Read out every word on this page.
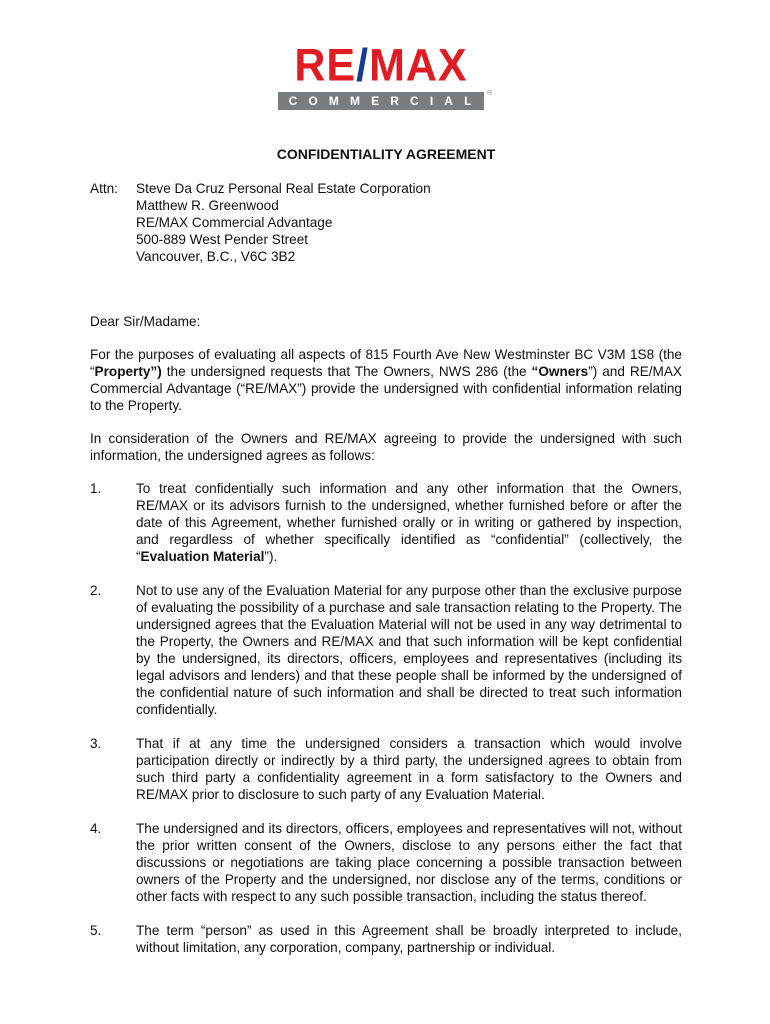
RE / MAX
C O M M E R C I A L
®
CONFIDENTIALITY AGREEMENT
Attn:	Steve Da Cruz Personal Real Estate Corporation
Matthew R. Greenwood
RE/MAX Commercial Advantage
500-889 West Pender Street
Vancouver, B.C., V6C 3B2

Dear Sir/Madame:

For the purposes of evaluating all aspects of 815 Fourth Ave New Westminster BC V3M 1S8 (the “Property”) the undersigned requests that The Owners, NWS 286 (the “Owners”) and RE/MAX Commercial Advantage (“RE/MAX”) provide the undersigned with confidential information relating to the Property.

In consideration of the Owners and RE/MAX agreeing to provide the undersigned with such information, the undersigned agrees as follows:

1.	To treat confidentially such information and any other information that the Owners, RE/MAX or its advisors furnish to the undersigned, whether furnished before or after the date of this Agreement, whether furnished orally or in writing or gathered by inspection, and regardless of whether specifically identified as “confidential” (collectively, the “Evaluation Material”).
2.	Not to use any of the Evaluation Material for any purpose other than the exclusive purpose of evaluating the possibility of a purchase and sale transaction relating to the Property. The undersigned agrees that the Evaluation Material will not be used in any way detrimental to the Property, the Owners and RE/MAX and that such information will be kept confidential by the undersigned, its directors, officers, employees and representatives (including its legal advisors and lenders) and that these people shall be informed by the undersigned of the confidential nature of such information and shall be directed to treat such information confidentially.
3.	That if at any time the undersigned considers a transaction which would involve participation directly or indirectly by a third party, the undersigned agrees to obtain from such third party a confidentiality agreement in a form satisfactory to the Owners and RE/MAX prior to disclosure to such party of any Evaluation Material.
4.	The undersigned and its directors, officers, employees and representatives will not, without the prior written consent of the Owners, disclose to any persons either the fact that discussions or negotiations are taking place concerning a possible transaction between owners of the Property and the undersigned, nor disclose any of the terms, conditions or other facts with respect to any such possible transaction, including the status thereof.
5.	The term “person” as used in this Agreement shall be broadly interpreted to include, without limitation, any corporation, company, partnership or individual.
